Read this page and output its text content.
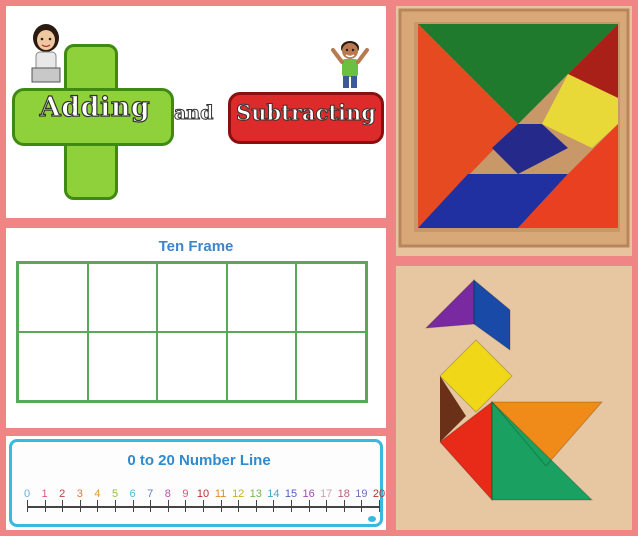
Adding	and	Subtracting
Ten Frame
0 to 20 Number Line
0	1	2	3	4	5	6	7	8	9 10 11 12 13 14 15 16 17 18 19 20
